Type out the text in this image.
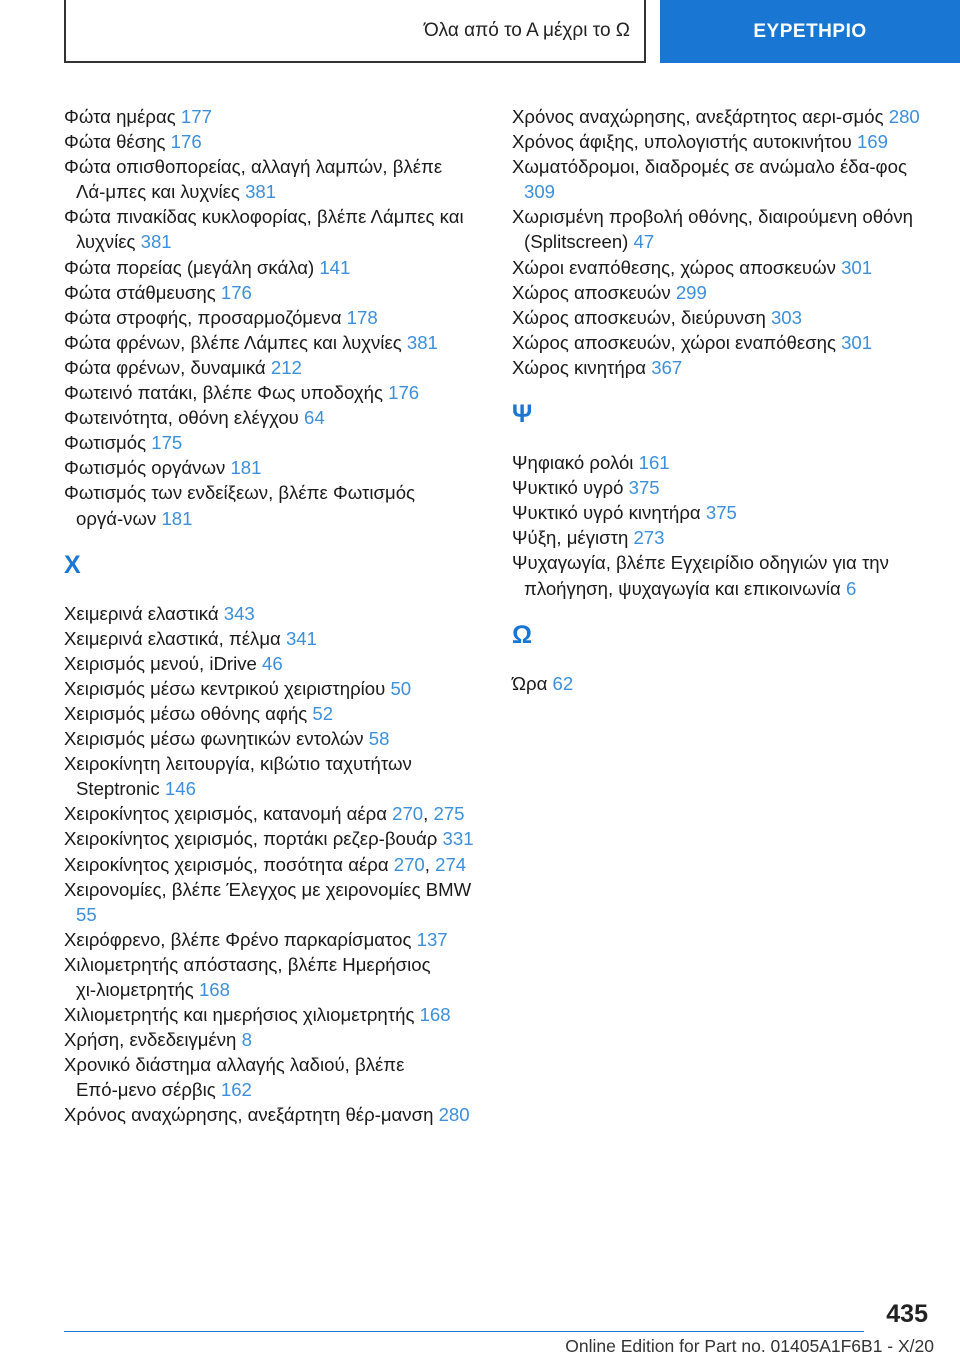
Όλα από το Α μέχρι το Ω	ΕΥΡΕΤΗΡΙΟ
Φώτα ημέρας 177
Φώτα θέσης 176
Φώτα οπισθοπορείας, αλλαγή λαμπών, βλέπε Λά‑μπες και λυχνίες 381
Φώτα πινακίδας κυκλοφορίας, βλέπε Λάμπες και λυχνίες 381
Φώτα πορείας (μεγάλη σκάλα) 141
Φώτα στάθμευσης 176
Φώτα στροφής, προσαρμοζόμενα 178
Φώτα φρένων, βλέπε Λάμπες και λυχνίες 381
Φώτα φρένων, δυναμικά 212
Φωτεινό πατάκι, βλέπε Φως υποδοχής 176
Φωτεινότητα, οθόνη ελέγχου 64
Φωτισμός 175
Φωτισμός οργάνων 181
Φωτισμός των ενδείξεων, βλέπε Φωτισμός οργά‑νων 181
X
Χειμερινά ελαστικά 343
Χειμερινά ελαστικά, πέλμα 341
Χειρισμός μενού, iDrive 46
Χειρισμός μέσω κεντρικού χειριστηρίου 50
Χειρισμός μέσω οθόνης αφής 52
Χειρισμός μέσω φωνητικών εντολών 58
Χειροκίνητη λειτουργία, κιβώτιο ταχυτήτων Steptronic 146
Χειροκίνητος χειρισμός, κατανομή αέρα 270, 275
Χειροκίνητος χειρισμός, πορτάκι ρεζερ‑βουάρ 331
Χειροκίνητος χειρισμός, ποσότητα αέρα 270, 274
Χειρονομίες, βλέπε Έλεγχος με χειρονομίες BMW 55
Χειρόφρενο, βλέπε Φρένο παρκαρίσματος 137
Χιλιομετρητής απόστασης, βλέπε Ημερήσιος χι‑λιομετρητής 168
Χιλιομετρητής και ημερήσιος χιλιομετρητής 168
Χρήση, ενδεδειγμένη 8
Χρονικό διάστημα αλλαγής λαδιού, βλέπε Επό‑μενο σέρβις 162
Χρόνος αναχώρησης, ανεξάρτητη θέρ‑μανση 280
Χρόνος αναχώρησης, ανεξάρτητος αερι‑σμός 280
Χρόνος άφιξης, υπολογιστής αυτοκινήτου 169
Χωματόδρομοι, διαδρομές σε ανώμαλο έδα‑φος 309
Χωρισμένη προβολή οθόνης, διαιρούμενη οθόνη (Splitscreen) 47
Χώροι εναπόθεσης, χώρος αποσκευών 301
Χώρος αποσκευών 299
Χώρος αποσκευών, διεύρυνση 303
Χώρος αποσκευών, χώροι εναπόθεσης 301
Χώρος κινητήρα 367
Ψ
Ψηφιακό ρολόι 161
Ψυκτικό υγρό 375
Ψυκτικό υγρό κινητήρα 375
Ψύξη, μέγιστη 273
Ψυχαγωγία, βλέπε Εγχειρίδιο οδηγιών για την πλοήγηση, ψυχαγωγία και επικοινωνία 6
Ω
Ώρα 62
435
Online Edition for Part no. 01405A1F6B1 - X/20
